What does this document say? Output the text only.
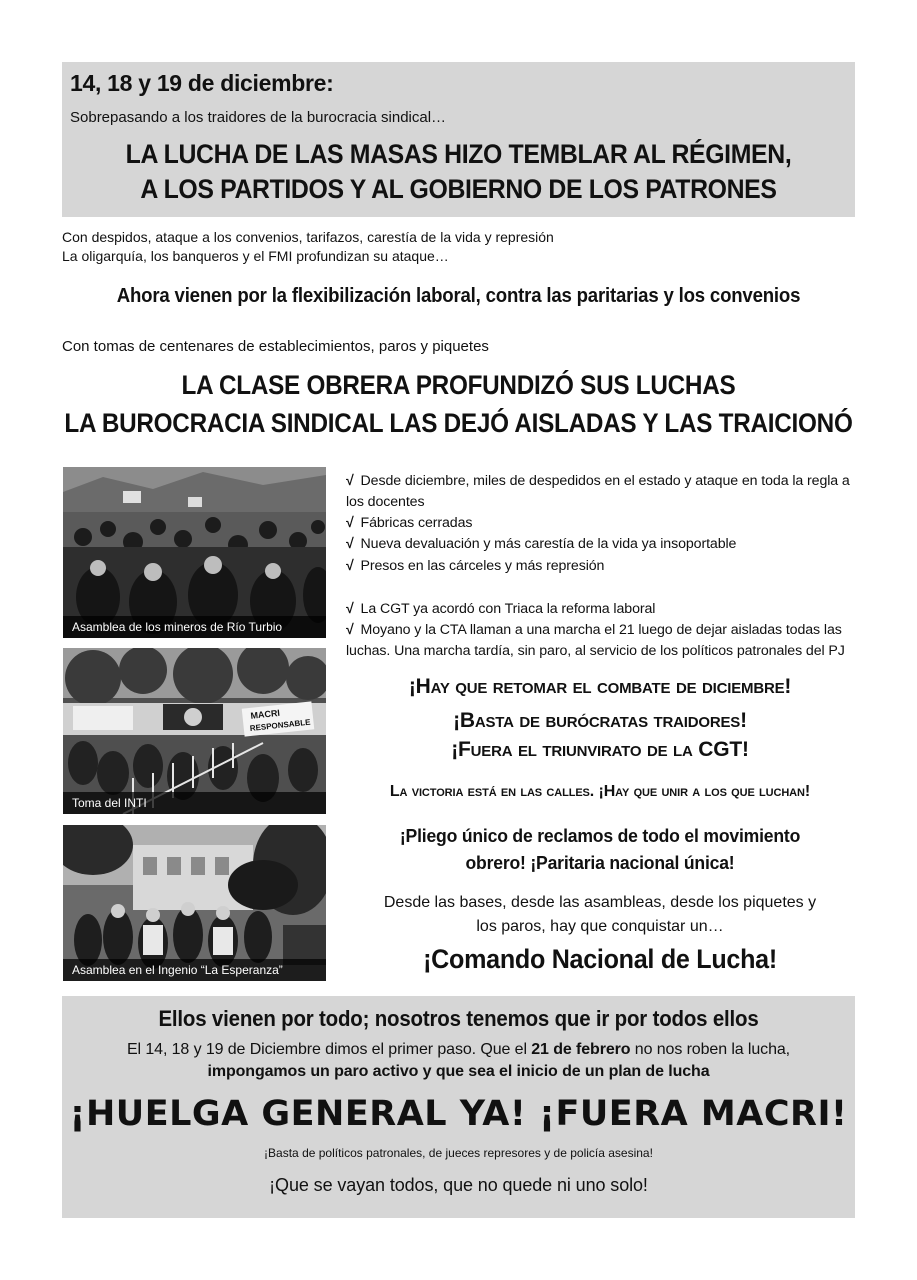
14, 18 y 19 de diciembre:
Sobrepasando a los traidores de la burocracia sindical…
LA LUCHA DE LAS MASAS HIZO TEMBLAR AL RÉGIMEN,
A LOS PARTIDOS Y AL GOBIERNO DE LOS PATRONES
Con despidos, ataque a los convenios, tarifazos, carestía de la vida y represión
La oligarquía, los banqueros y el FMI profundizan su ataque…
Ahora vienen por la flexibilización laboral, contra las paritarias y los convenios
Con tomas de centenares de establecimientos, paros y piquetes
LA CLASE OBRERA PROFUNDIZÓ SUS LUCHAS
LA BUROCRACIA SINDICAL LAS DEJÓ AISLADAS Y LAS TRAICIONÓ
Asamblea de los mineros de Río Turbio
MACRI
RESPONSABLE
Toma del INTI
Asamblea en el Ingenio “La Esperanza”
√ Desde diciembre, miles de despedidos en el estado y ataque en toda la regla a los docentes
√ Fábricas cerradas
√ Nueva devaluación y más carestía de la vida ya insoportable
√ Presos en las cárceles y más represión
√ La CGT ya acordó con Triaca la reforma laboral
√ Moyano y la CTA llaman a una marcha el 21 luego de dejar aisladas todas las luchas. Una marcha tardía, sin paro, al servicio de los políticos patronales del PJ
¡Hay que retomar el combate de diciembre!
¡Basta de burócratas traidores!
¡Fuera el triunvirato de la CGT!
La victoria está en las calles. ¡Hay que unir a los que luchan!
¡Pliego único de reclamos de todo el movimiento
obrero! ¡Paritaria nacional única!
Desde las bases, desde las asambleas, desde los piquetes y
los paros, hay que conquistar un…
¡Comando Nacional de Lucha!
Ellos vienen por todo; nosotros tenemos que ir por todos ellos
El 14, 18 y 19 de Diciembre dimos el primer paso. Que el 21 de febrero no nos roben la lucha,
impongamos un paro activo y que sea el inicio de un plan de lucha
¡HUELGA GENERAL YA! ¡FUERA MACRI!
¡Basta de políticos patronales, de jueces represores y de policía asesina!
¡Que se vayan todos, que no quede ni uno solo!
